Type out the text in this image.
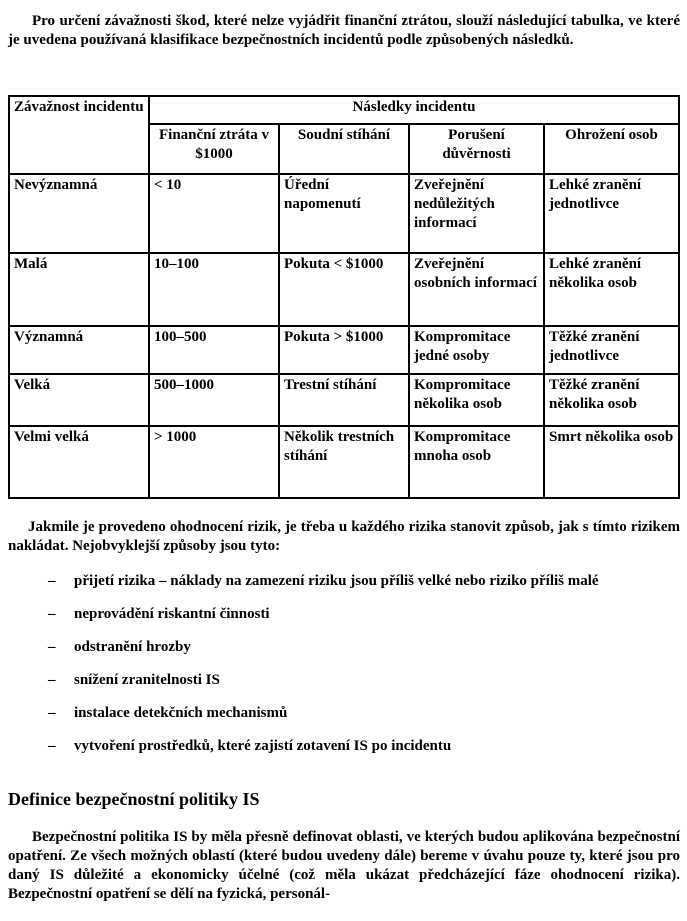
Pro určení závažnosti škod, které nelze vyjádřit finanční ztrátou, slouží následující tabulka, ve které je uvedena používaná klasifikace bezpečnostních incidentů podle způsobených následků.

Závažnost incidentu	Následky incidentu			
	Finanční ztráta v $1000	Soudní stíhání	Porušení důvěrnosti	Ohrožení osob
Nevýznamná	< 10	Úřední napomenutí	Zveřejnění nedůležitých informací	Lehké zranění jednotlivce
Malá	10–100	Pokuta < $1000	Zveřejnění osobních informací	Lehké zranění několika osob
Významná	100–500	Pokuta > $1000	Kompromitace jedné osoby	Těžké zranění jednotlivce
Velká	500–1000	Trestní stíhání	Kompromitace několika osob	Těžké zranění několika osob
Velmi velká	> 1000	Několik trestních stíhání	Kompromitace mnoha osob	Smrt několika osob

Jakmile je provedeno ohodnocení rizik, je třeba u každého rizika stanovit způsob, jak s tímto rizikem nakládat. Nejobvyklejší způsoby jsou tyto:

– přijetí rizika – náklady na zamezení riziku jsou příliš velké nebo riziko příliš malé
– neprovádění riskantní činnosti
– odstranění hrozby
– snížení zranitelnosti IS
– instalace detekčních mechanismů
– vytvoření prostředků, které zajistí zotavení IS po incidentu
Definice bezpečnostní politiky IS

Bezpečnostní politika IS by měla přesně definovat oblasti, ve kterých budou aplikována bezpečnostní opatření. Ze všech možných oblastí (které budou uvedeny dále) bereme v úvahu pouze ty, které jsou pro daný IS důležité a ekonomicky účelné (což měla ukázat předcházející fáze ohodnocení rizika). Bezpečnostní opatření se dělí na fyzická, personál-
